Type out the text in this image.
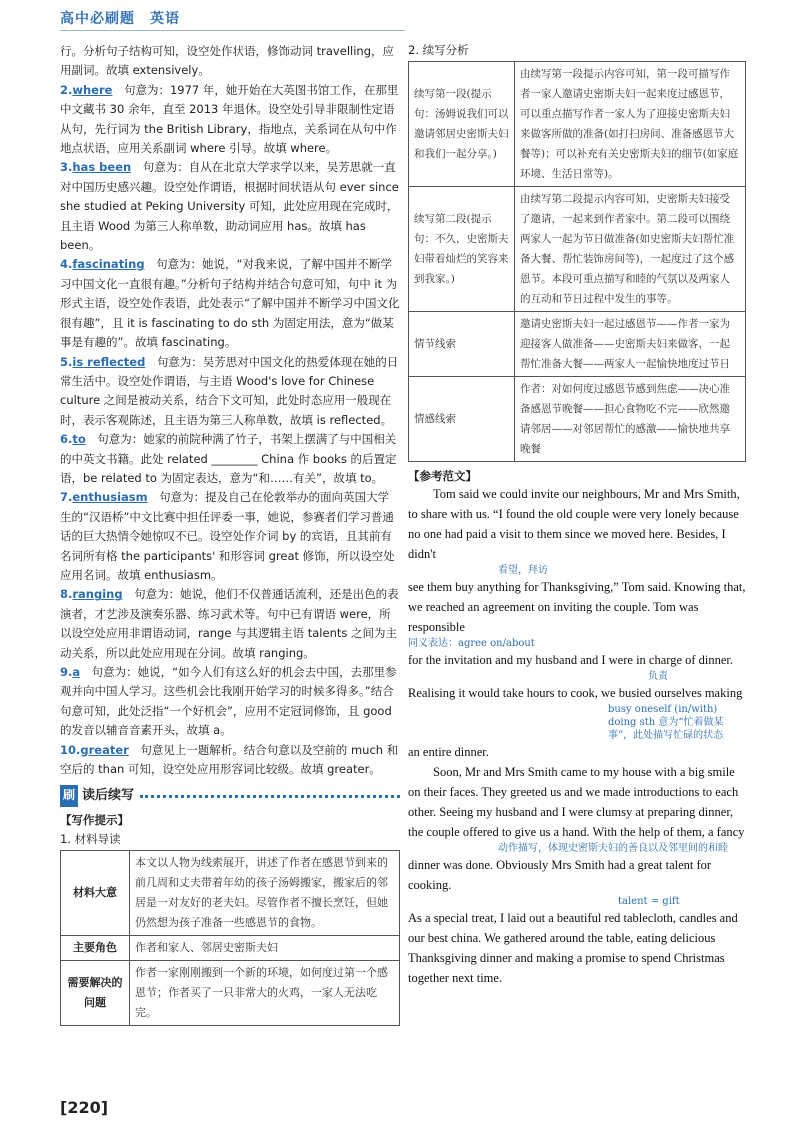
高中必刷题　英语

行。分析句子结构可知，设空处作状语，修饰动词 travelling，应用副词。故填 extensively。

2.where　 句意为：1977 年，她开始在大英图书馆工作，在那里中文藏书 30 余年，直至 2013 年退休。设空处引导非限制性定语从句，先行词为 the British Library，指地点，关系词在从句中作地点状语，应用关系副词 where 引导。故填 where。

3.has been　 句意为：自从在北京大学求学以来，吴芳思就一直对中国历史感兴趣。设空处作谓语，根据时间状语从句 ever since she studied at Peking University 可知，此处应用现在完成时，且主语 Wood 为第三人称单数，助动词应用 has。故填 has been。

4.fascinating　 句意为：她说，“对我来说，了解中国并不断学习中国文化一直很有趣。”分析句子结构并结合句意可知，句中 it 为形式主语，设空处作表语，此处表示“了解中国并不断学习中国文化很有趣”，且 it is fascinating to do sth 为固定用法，意为“做某事是有趣的”。故填 fascinating。

5.is reflected　 句意为：吴芳思对中国文化的热爱体现在她的日常生活中。设空处作谓语，与主语 Wood's love for Chinese culture 之间是被动关系，结合下文可知，此处时态应用一般现在时，表示客观陈述，且主语为第三人称单数，故填 is reflected。

6.to　 句意为：她家的前院种满了竹子，书架上摆满了与中国相关的中英文书籍。此处 related ________ China 作 books 的后置定语，be related to 为固定表达，意为“和……有关”，故填 to。

7.enthusiasm　 句意为：提及自己在伦敦举办的面向英国大学生的“汉语桥”中文比赛中担任评委一事，她说，参赛者们学习普通话的巨大热情令她惊叹不已。设空处作介词 by 的宾语，且其前有名词所有格 the participants' 和形容词 great 修饰，所以设空处应用名词。故填 enthusiasm。

8.ranging　 句意为：她说，他们不仅普通话流利，还是出色的表演者，才艺涉及演奏乐器、练习武术等。句中已有谓语 were，所以设空处应用非谓语动词，range 与其逻辑主语 talents 之间为主动关系，所以此处应用现在分词。故填 ranging。

9.a　 句意为：她说，“如今人们有这么好的机会去中国，去那里参观并向中国人学习。这些机会比我刚开始学习的时候多得多。”结合句意可知，此处泛指“一个好机会”，应用不定冠词修饰，且 good 的发音以辅音音素开头，故填 a。

10.greater　 句意见上一题解析。结合句意以及空前的 much 和空后的 than 可知，设空处应用形容词比较级。故填 greater。

刷 读后续写
【写作提示】
1. 材料导读
材料大意	本文以人物为线索展开，讲述了作者在感恩节到来的前几周和丈夫带着年幼的孩子汤姆搬家，搬家后的邻居是一对友好的老夫妇。尽管作者不擅长烹饪，但她仍然想为孩子准备一些感恩节的食物。
主要角色	作者和家人、邻居史密斯夫妇
需要解决的问题	作者一家刚刚搬到一个新的环境，如何度过第一个感恩节；作者买了一只非常大的火鸡，一家人无法吃完。
2. 续写分析
续写第一段(提示句：汤姆说我们可以邀请邻居史密斯夫妇和我们一起分享。)	由续写第一段提示内容可知，第一段可描写作者一家人邀请史密斯夫妇一起来度过感恩节，可以重点描写作者一家人为了迎接史密斯夫妇来做客所做的准备(如打扫房间、准备感恩节大餐等)；可以补充有关史密斯夫妇的细节(如家庭环境、生活日常等)。
续写第二段(提示句：不久，史密斯夫妇带着灿烂的笑容来到我家。)	由续写第二段提示内容可知，史密斯夫妇接受了邀请，一起来到作者家中。第二段可以围绕两家人一起为节日做准备(如史密斯夫妇帮忙准备大餐、帮忙装饰房间等)，一起度过了这个感恩节。本段可重点描写和睦的气氛以及两家人的互动和节日过程中发生的事等。
情节线索	邀请史密斯夫妇一起过感恩节——作者一家为迎接客人做准备——史密斯夫妇来做客，一起帮忙准备大餐——两家人一起愉快地度过节日
情感线索	作者：对如何度过感恩节感到焦虑——决心准备感恩节晚餐——担心食物吃不完——欣然邀请邻居——对邻居帮忙的感激——愉快地共享晚餐
【参考范文】

Tom said we could invite our neighbours, Mr and Mrs Smith, to share with us. “I found the old couple were very lonely because no one had paid a visit to them since we moved here. Besides, I didn't

看望，拜访

see them buy anything for Thanksgiving,” Tom said. Knowing that, we reached an agreement on inviting the couple. Tom was responsible

同义表达：agree on/about

for the invitation and my husband and I were in charge of dinner.

负责

Realising it would take hours to cook, we busied ourselves making

busy oneself (in/with) doing sth 意为“忙着做某事”，此处描写忙碌的状态

an entire dinner.

Soon, Mr and Mrs Smith came to my house with a big smile on their faces. They greeted us and we made introductions to each other. Seeing my husband and I were clumsy at preparing dinner, the couple offered to give us a hand. With the help of them, a fancy

动作描写，体现史密斯夫妇的善良以及邻里间的和睦

dinner was done. Obviously Mrs Smith had a great talent for cooking.

talent = gift

As a special treat, I laid out a beautiful red tablecloth, candles and our best china. We gathered around the table, eating delicious Thanksgiving dinner and making a promise to spend Christmas together next time.

[220]
